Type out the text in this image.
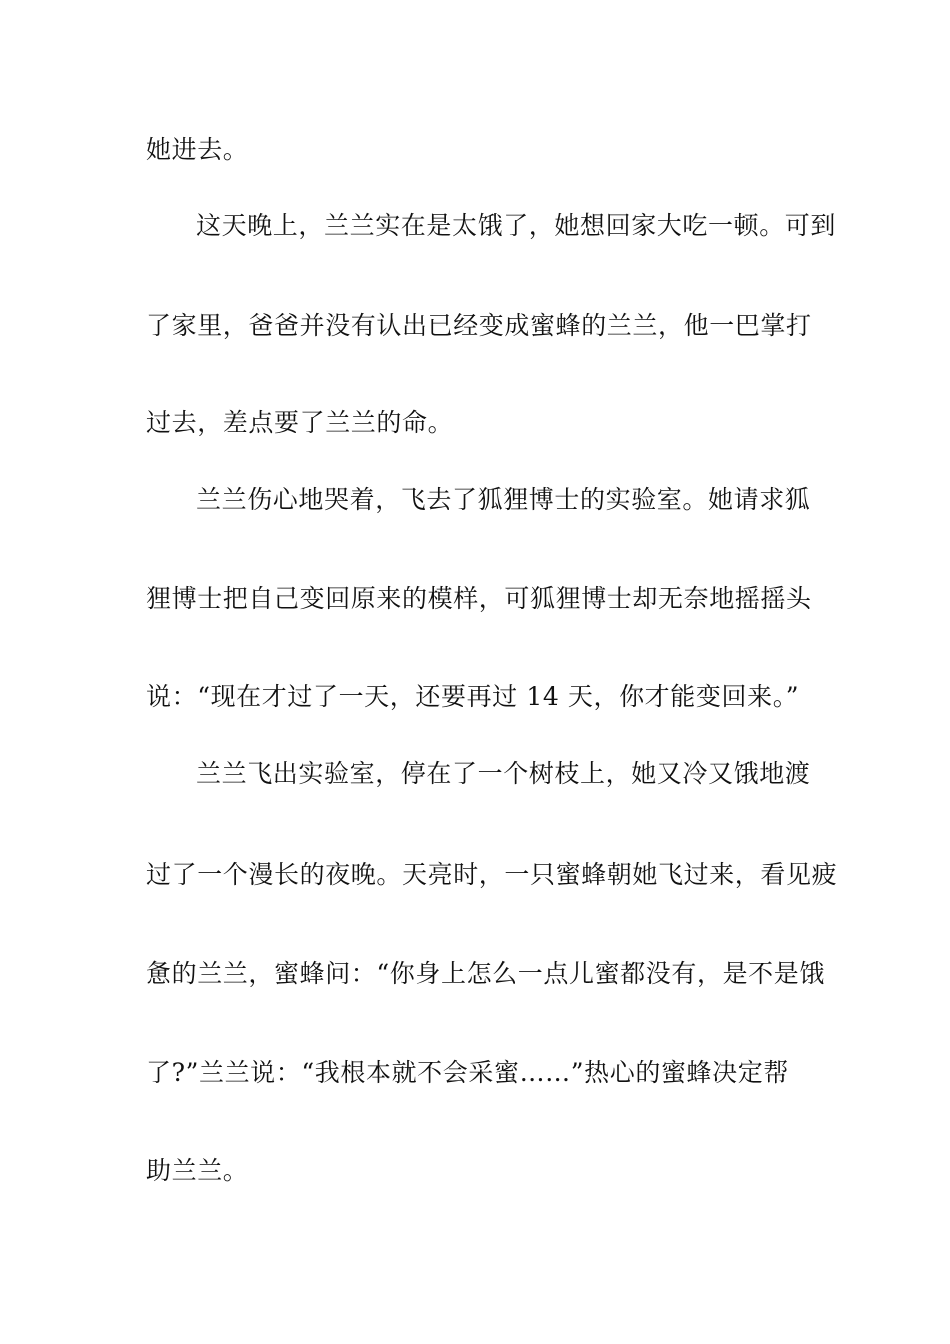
她进去。
这天晚上，兰兰实在是太饿了，她想回家大吃一顿。可到
了家里，爸爸并没有认出已经变成蜜蜂的兰兰，他一巴掌打
过去，差点要了兰兰的命。
兰兰伤心地哭着，飞去了狐狸博士的实验室。她请求狐
狸博士把自己变回原来的模样，可狐狸博士却无奈地摇摇头
说：“现在才过了一天，还要再过 14 天，你才能变回来。”
兰兰飞出实验室，停在了一个树枝上，她又冷又饿地渡
过了一个漫长的夜晚。天亮时，一只蜜蜂朝她飞过来，看见疲
惫的兰兰，蜜蜂问：“你身上怎么一点儿蜜都没有，是不是饿
了?”兰兰说：“我根本就不会采蜜……”热心的蜜蜂决定帮
助兰兰。
